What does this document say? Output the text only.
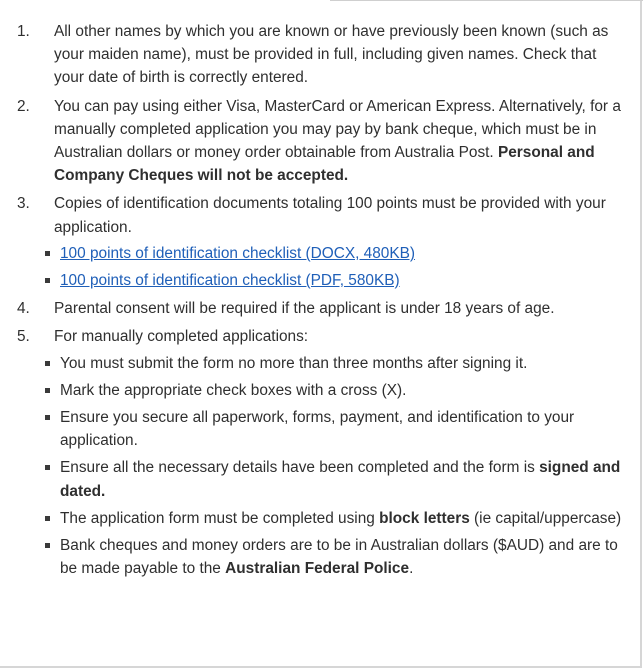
1.	All other names by which you are known or have previously been known (such as your maiden name), must be provided in full, including given names. Check that your date of birth is correctly entered.
2.	You can pay using either Visa, MasterCard or American Express. Alternatively, for a manually completed application you may pay by bank cheque, which must be in Australian dollars or money order obtainable from Australia Post. Personal and Company Cheques will not be accepted.
3.	Copies of identification documents totaling 100 points must be provided with your application.
100 points of identification checklist (DOCX, 480KB)
100 points of identification checklist (PDF, 580KB)
4.	Parental consent will be required if the applicant is under 18 years of age.
5.	For manually completed applications:
You must submit the form no more than three months after signing it.
Mark the appropriate check boxes with a cross (X).
Ensure you secure all paperwork, forms, payment, and identification to your application.
Ensure all the necessary details have been completed and the form is signed and dated.
The application form must be completed using block letters (ie capital/uppercase)
Bank cheques and money orders are to be in Australian dollars ($AUD) and are to be made payable to the Australian Federal Police.
